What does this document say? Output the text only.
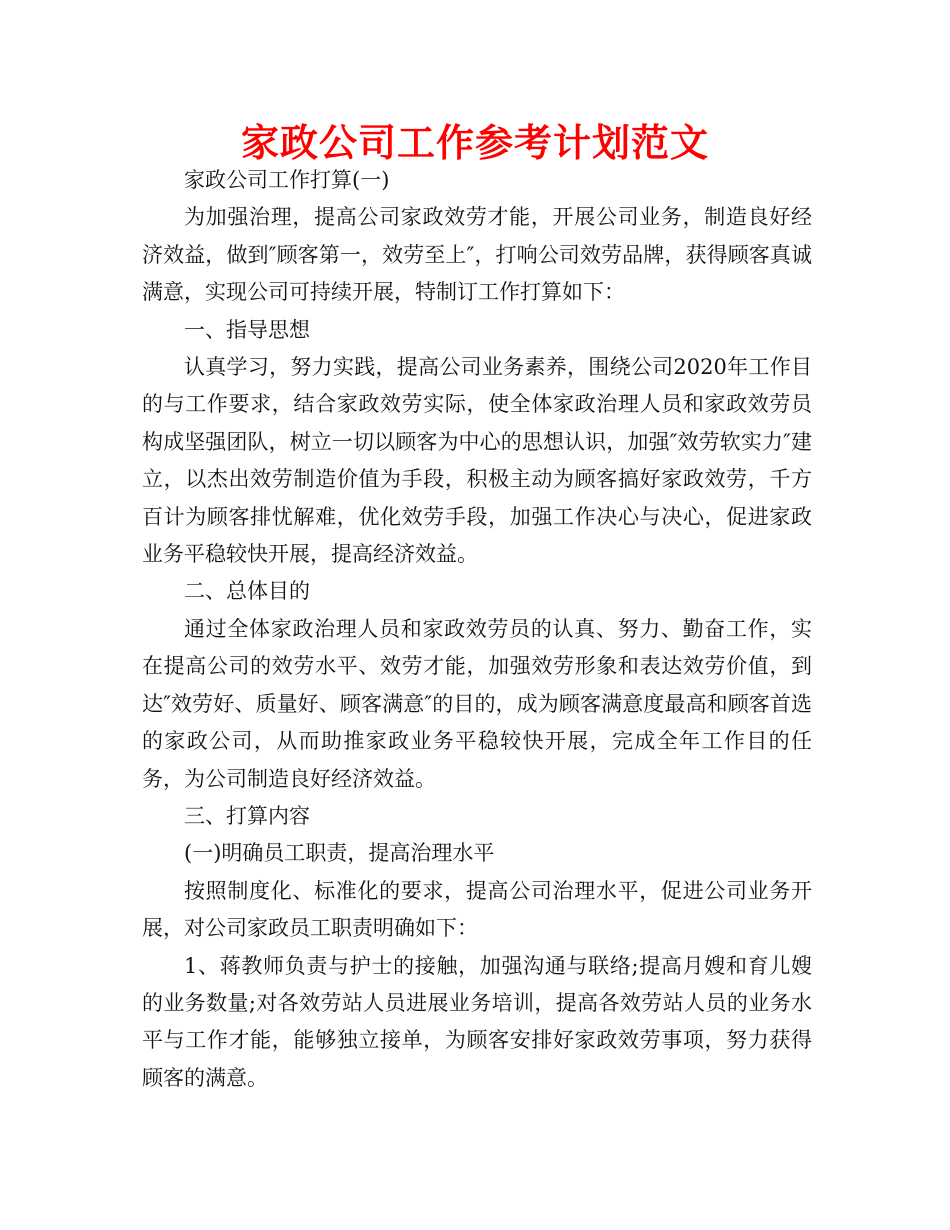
家政公司工作参考计划范文

家政公司工作打算(一)

为加强治理，提高公司家政效劳才能，开展公司业务，制造良好经济效益，做到″顾客第一，效劳至上″，打响公司效劳品牌，获得顾客真诚满意，实现公司可持续开展，特制订工作打算如下：

一、指导思想

认真学习，努力实践，提高公司业务素养，围绕公司2020年工作目的与工作要求，结合家政效劳实际，使全体家政治理人员和家政效劳员构成坚强团队，树立一切以顾客为中心的思想认识，加强″效劳软实力″建立，以杰出效劳制造价值为手段，积极主动为顾客搞好家政效劳，千方百计为顾客排忧解难，优化效劳手段，加强工作决心与决心，促进家政业务平稳较快开展，提高经济效益。

二、总体目的

通过全体家政治理人员和家政效劳员的认真、努力、勤奋工作，实在提高公司的效劳水平、效劳才能，加强效劳形象和表达效劳价值，到达″效劳好、质量好、顾客满意″的目的，成为顾客满意度最高和顾客首选的家政公司，从而助推家政业务平稳较快开展，完成全年工作目的任务，为公司制造良好经济效益。

三、打算内容

(一)明确员工职责，提高治理水平

按照制度化、标准化的要求，提高公司治理水平，促进公司业务开展，对公司家政员工职责明确如下：

1、蒋教师负责与护士的接触，加强沟通与联络;提高月嫂和育儿嫂的业务数量;对各效劳站人员进展业务培训，提高各效劳站人员的业务水平与工作才能，能够独立接单，为顾客安排好家政效劳事项，努力获得顾客的满意。
